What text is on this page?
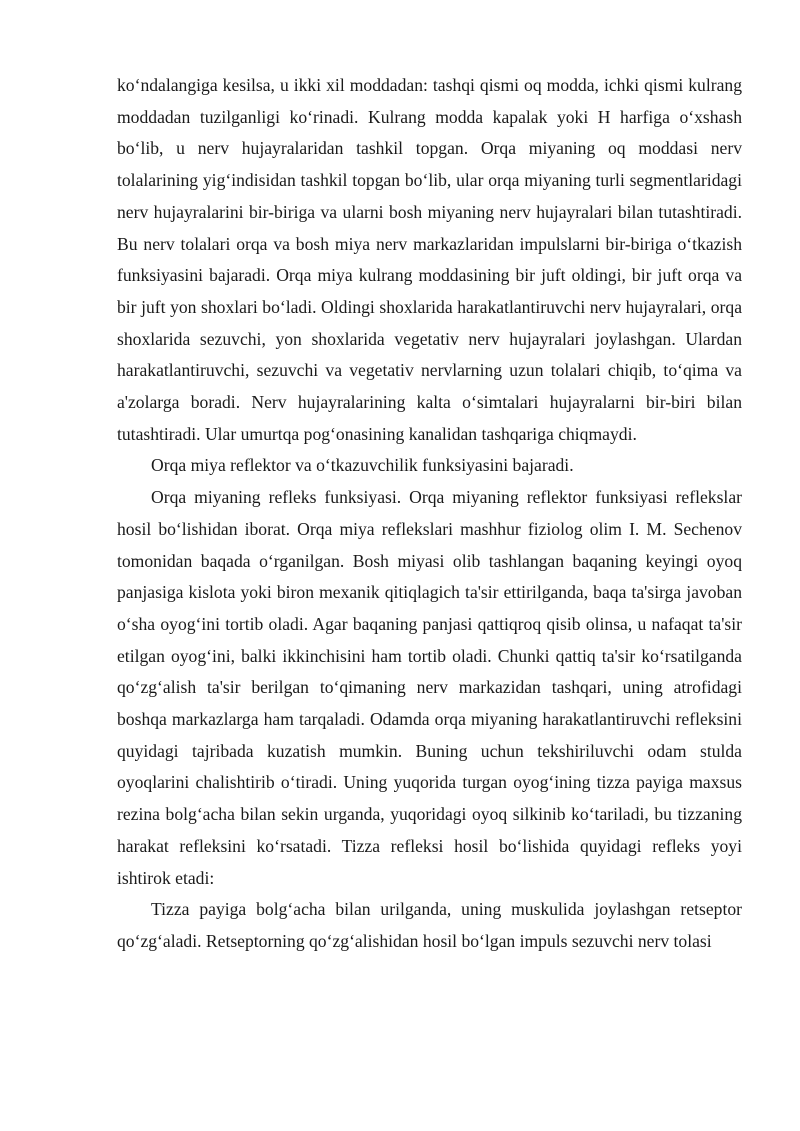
ko‘ndalangiga kesilsa, u ikki xil moddadan: tashqi qismi oq modda, ichki qismi kulrang moddadan tuzilganligi ko‘rinadi. Kulrang modda kapalak yoki H harfiga o‘xshash bo‘lib, u nerv hujayralaridan tashkil topgan. Orqa miyaning oq moddasi nerv tolalarining yig‘indisidan tashkil topgan bo‘lib, ular orqa miyaning turli segmentlaridagi nerv hujayralarini bir-biriga va ularni bosh miyaning nerv hujayralari bilan tutashtiradi. Bu nerv tolalari orqa va bosh miya nerv markazlaridan impulslarni bir-biriga o‘tkazish funksiyasini bajaradi. Orqa miya kulrang moddasining bir juft oldingi, bir juft orqa va bir juft yon shoxlari bo‘ladi. Oldingi shoxlarida harakatlantiruvchi nerv hujayralari, orqa shoxlarida sezuvchi, yon shoxlarida vegetativ nerv hujayralari joylashgan. Ulardan harakatlantiruvchi, sezuvchi va vegetativ nervlarning uzun tolalari chiqib, to‘qima va a'zolarga boradi. Nerv hujayralarining kalta o‘simtalari hujayralarni bir-biri bilan tutashtiradi. Ular umurtqa pog‘onasining kanalidan tashqariga chiqmaydi.

Orqa miya reflektor va o‘tkazuvchilik funksiyasini bajaradi.

Orqa miyaning refleks funksiyasi. Orqa miyaning reflektor funksiyasi reflekslar hosil bo‘lishidan iborat. Orqa miya reflekslari mashhur fiziolog olim I. M. Sechenov tomonidan baqada o‘rganilgan. Bosh miyasi olib tashlangan baqaning keyingi oyoq panjasiga kislota yoki biron mexanik qitiqlagich ta'sir ettirilganda, baqa ta'sirga javoban o‘sha oyog‘ini tortib oladi. Agar baqaning panjasi qattiqroq qisib olinsa, u nafaqat ta'sir etilgan oyog‘ini, balki ikkinchisini ham tortib oladi. Chunki qattiq ta'sir ko‘rsatilganda qo‘zg‘alish ta'sir berilgan to‘qimaning nerv markazidan tashqari, uning atrofidagi boshqa markazlarga ham tarqaladi. Odamda orqa miyaning harakatlantiruvchi refleksini quyidagi tajribada kuzatish mumkin. Buning uchun tekshiriluvchi odam stulda oyoqlarini chalishtirib o‘tiradi. Uning yuqorida turgan oyog‘ining tizza payiga maxsus rezina bolg‘acha bilan sekin urganda, yuqoridagi oyoq silkinib ko‘tariladi, bu tizzaning harakat refleksini ko‘rsatadi. Tizza refleksi hosil bo‘lishida quyidagi refleks yoyi ishtirok etadi:

Tizza payiga bolg‘acha bilan urilganda, uning muskulida joylashgan retseptor qo‘zg‘aladi. Retseptorning qo‘zg‘alishidan hosil bo‘lgan impuls sezuvchi nerv tolasi
